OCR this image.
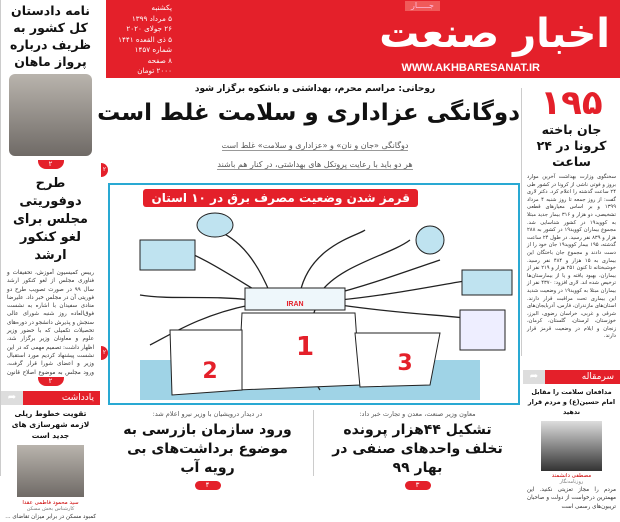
جـــــار
اخبار صنعت
WWW.AKHBARESANAT.IR
یکشنبه
۵ مرداد ۱۳۹۹
۲۶ جولای ۲۰۲۰
۵ ذی القعده ۱۴۴۱
شماره ۱۴۵۷
۸ صفحه
۲۰۰۰ تومان
نامه دادستان کل کشور به ظریف درباره پرواز ماهان
۲
طرح دوفوریتی مجلس برای لغو کنکور ارشد
رییس کمیسیون آموزش، تحقیقات و فناوری مجلس از لغو کنکور ارشد سال ۹۹ در صورت تصویب طرح دو فوریتی آن در مجلس خبر داد. علیرضا منادی سفیدان با اشاره به نشست فوق‌العاده روز شنبه شورای عالی سنجش و پذیرش دانشجو در دوره‌های تحصیلات تکمیلی که با حضور وزیر علوم و معاونان وزیر برگزار شد، اظهار داشت: تصمیم مهمی که در این نشست پیشنهاد کردیم مورد استقبال وزیر و اعضای شورا قرار گرفت، ورود مجلس به موضوع اصلاح قانون
۲
یادداشت
➦
تقویت خطوط ریلی لازمه شهرسازی های جدید است
سید محمود فاطمی عقدا
کارشناس بخش مسکن
کمبود مسکن در برابر میزان تقاضای ...
روحانی: مراسم محرم، بهداشتی و باشکوه برگزار شود
دوگانگی عزاداری و سلامت غلط است
دوگانگی «جان و نان» و «عزاداری و سلامت» غلط است
هر دو باید با رعایت پروتکل های بهداشتی، در کنار هم باشند
۲
قرمز شدن وضعیت مصرف برق در ۱۰ استان
IRAN
1
2	3
۲
معاون وزیر صنعت، معدن و تجارت خبر داد:
تشکیل ۴۴هزار پرونده تخلف واحدهای صنفی در بهار ۹۹
۳
در دیدار درویشیان با وزیر نیرو اعلام شد:
ورود سازمان بازرسی به موضوع برداشت‌های بی رویه آب
۴
۱۹۵
جان باخته کرونا در ۲۴ ساعت
سخنگوی وزارت بهداشت آخرین موارد بروز و فوتی ناشی از کرونا در کشور طی ۲۴ ساعت گذشته را اعلام کرد. دکتر لاری گفت: از روز جمعه تا روز شنبه ۴ مرداد ۱۳۹۹ و بر اساس معیارهای قطعی تشخیصی، دو هزار و ۳۱۶ بیمار جدید مبتلا به کووید۱۹ در کشور شناسایی شد. مجموع بیماران کووید۱۹ در کشور به ۲۸۸ هزار و ۸۳۹ نفر رسید. در طول ۲۴ ساعت گذشته، ۱۹۵ بیمار کووید۱۹ جان خود را از دست دادند و مجموع جان باختگان این بیماری به ۱۵ هزار و ۴۸۴ نفر رسید. خوشبختانه تا کنون ۲۵۱ هزار و ۲۱۹ نفر از بیماران، بهبود یافته و یا از بیمارستان‌ها ترخیص شده اند. لاری افزود: ۴۳۷۰ نفر از بیماران مبتلا به کووید۱۹ در وضعیت شدید این بیماری تحت مراقبت قرار دارند. استان‌های مازندران، فارس، آذربایجان‌های شرقی و غربی، خراسان رضوی، البرز، خوزستان، لرستان، گلستان، کرمان، زنجان و ایلام در وضعیت قرمز قرار دارند.
سرمقاله
➦
مدافعان سلامت را مقابل امام حسین(ع) و مردم قرار ندهید
مصطفی دانشمند
روزنامه‌نگار
مردم را مجاز تعزیتی نکنید. این مهمترین درخواست از دولت و صاحبان تریبون‌های رسمی است
